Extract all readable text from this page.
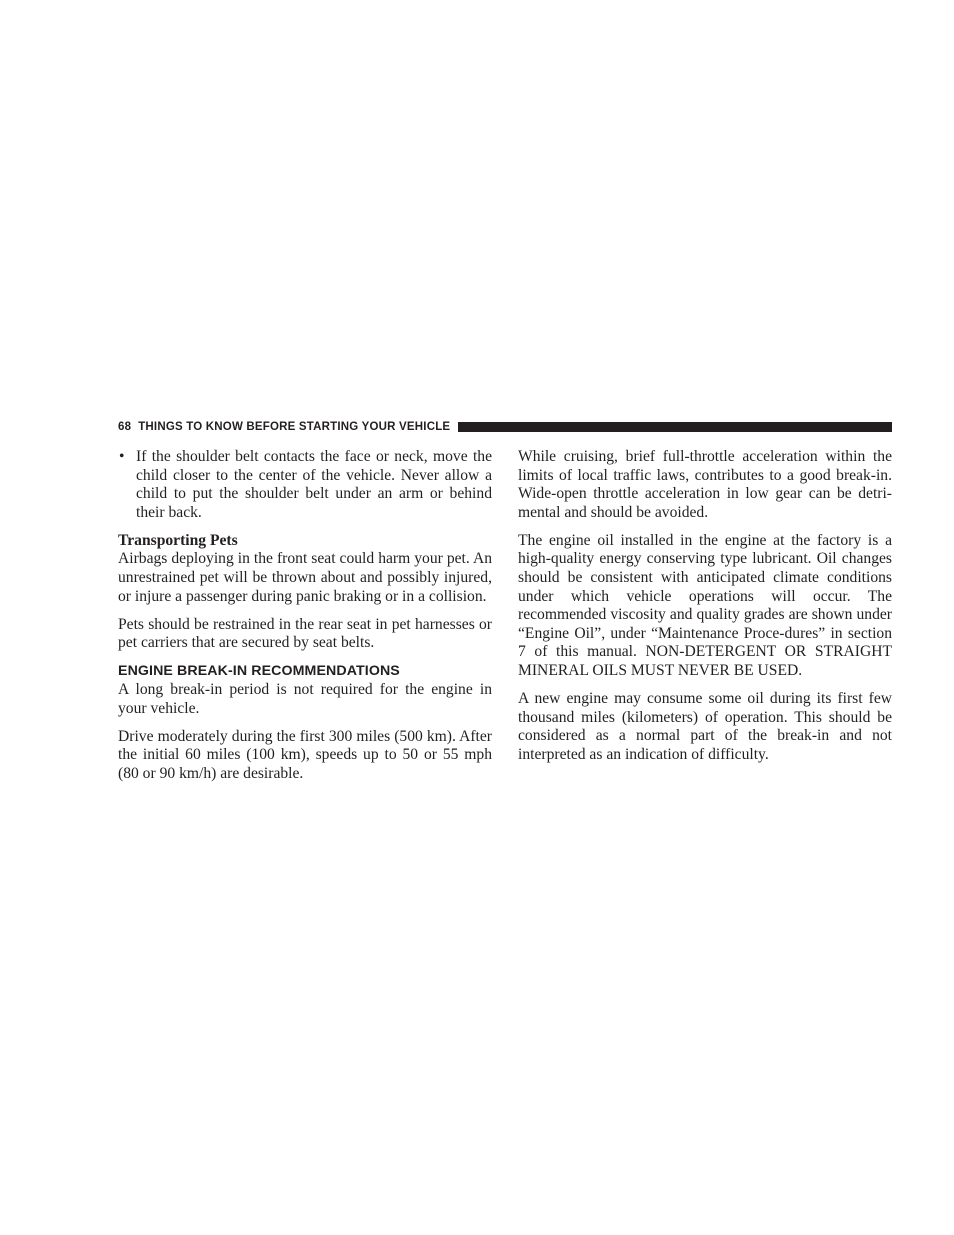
68 THINGS TO KNOW BEFORE STARTING YOUR VEHICLE
• If the shoulder belt contacts the face or neck, move the child closer to the center of the vehicle. Never allow a child to put the shoulder belt under an arm or behind their back.

Transporting Pets

Airbags deploying in the front seat could harm your pet. An unrestrained pet will be thrown about and possibly injured, or injure a passenger during panic braking or in a collision.

Pets should be restrained in the rear seat in pet harnesses or pet carriers that are secured by seat belts.

ENGINE BREAK-IN RECOMMENDATIONS

A long break-in period is not required for the engine in your vehicle.

Drive moderately during the first 300 miles (500 km). After the initial 60 miles (100 km), speeds up to 50 or 55 mph (80 or 90 km/h) are desirable.

While cruising, brief full-throttle acceleration within the limits of local traffic laws, contributes to a good break-in. Wide-open throttle acceleration in low gear can be detri-mental and should be avoided.

The engine oil installed in the engine at the factory is a high-quality energy conserving type lubricant. Oil changes should be consistent with anticipated climate conditions under which vehicle operations will occur. The recommended viscosity and quality grades are shown under “Engine Oil”, under “Maintenance Proce-dures” in section 7 of this manual. NON-DETERGENT OR STRAIGHT MINERAL OILS MUST NEVER BE USED.

A new engine may consume some oil during its first few thousand miles (kilometers) of operation. This should be considered as a normal part of the break-in and not interpreted as an indication of difficulty.
